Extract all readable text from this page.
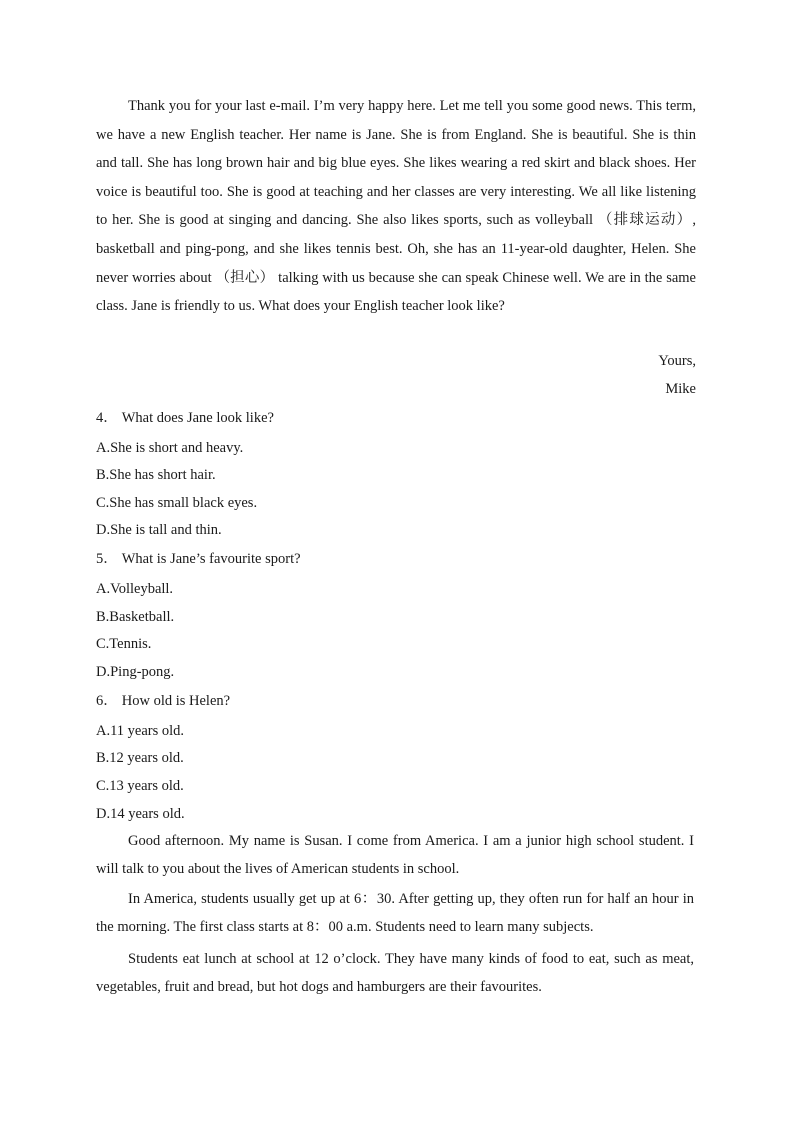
Thank you for your last e-mail. I’m very happy here. Let me tell you some good news. This term, we have a new English teacher. Her name is Jane. She is from England. She is beautiful. She is thin and tall. She has long brown hair and big blue eyes. She likes wearing a red skirt and black shoes. Her voice is beautiful too. She is good at teaching and her classes are very interesting. We all like listening to her. She is good at singing and dancing. She also likes sports, such as volleyball （排球运动）, basketball and ping-pong, and she likes tennis best. Oh, she has an 11-year-old daughter, Helen. She never worries about （担心） talking with us because she can speak Chinese well. We are in the same class. Jane is friendly to us. What does your English teacher look like?

Yours,
Mike
4． What does Jane look like?
A.She is short and heavy.
B.She has short hair.
C.She has small black eyes.
D.She is tall and thin.
5． What is Jane’s favourite sport?
A.Volleyball.
B.Basketball.
C.Tennis.
D.Ping-pong.
6． How old is Helen?
A.11 years old.
B.12 years old.
C.13 years old.
D.14 years old.

Good afternoon. My name is Susan. I come from America. I am a junior high school student. I will talk to you about the lives of American students in school.

In America, students usually get up at 6：30. After getting up, they often run for half an hour in the morning. The first class starts at 8：00 a.m. Students need to learn many subjects.

Students eat lunch at school at 12 o’clock. They have many kinds of food to eat, such as meat, vegetables, fruit and bread, but hot dogs and hamburgers are their favourites.
